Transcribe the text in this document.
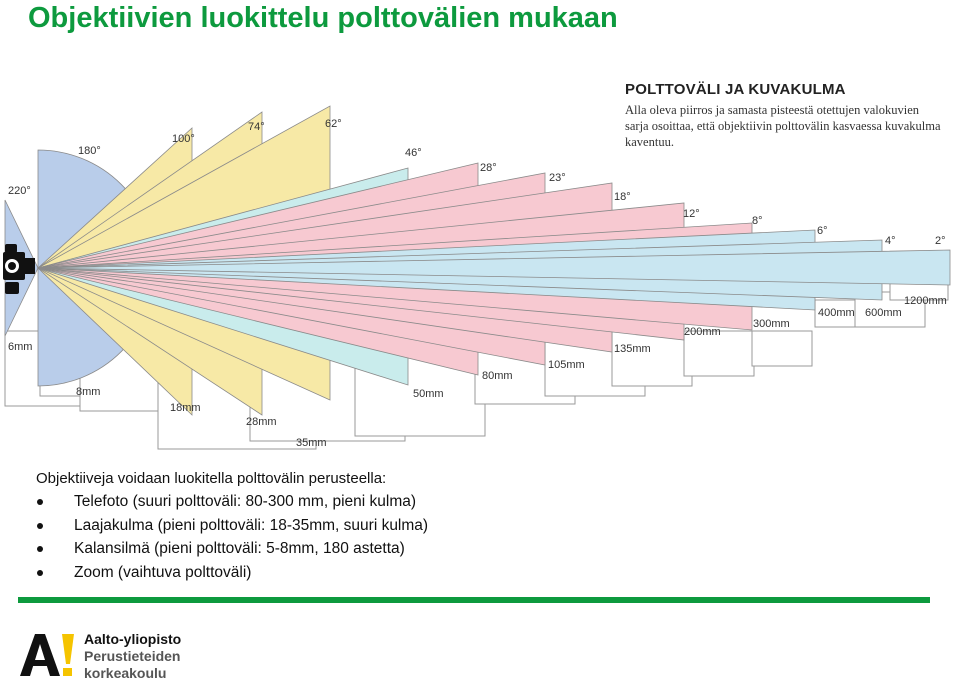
Objektiivien luokittelu polttovälien mukaan
220°
180°
100°
74°	62°
46°
28°
23°
18°
12°
8°
6°
4°	2°
6mm
8mm
18mm
28mm
35mm
50mm
80mm
105mm
135mm
200mm
300mm
400mm 600mm
1200mm
POLTTOVÄLI JA KUVAKULMA

Alla oleva piirros ja samasta pisteestä otettujen valokuvien sarja osoittaa, että objektiivin polttovälin kasvaessa kuvakulma kaventuu.

Objektiiveja voidaan luokitella polttovälin perusteella:
Telefoto (suuri polttoväli: 80-300 mm, pieni kulma)
Laajakulma (pieni polttoväli: 18-35mm, suuri kulma)
Kalansilmä (pieni polttoväli: 5-8mm, 180 astetta)
Zoom (vaihtuva polttoväli)
Aalto-yliopisto
Perustieteiden
korkeakoulu
